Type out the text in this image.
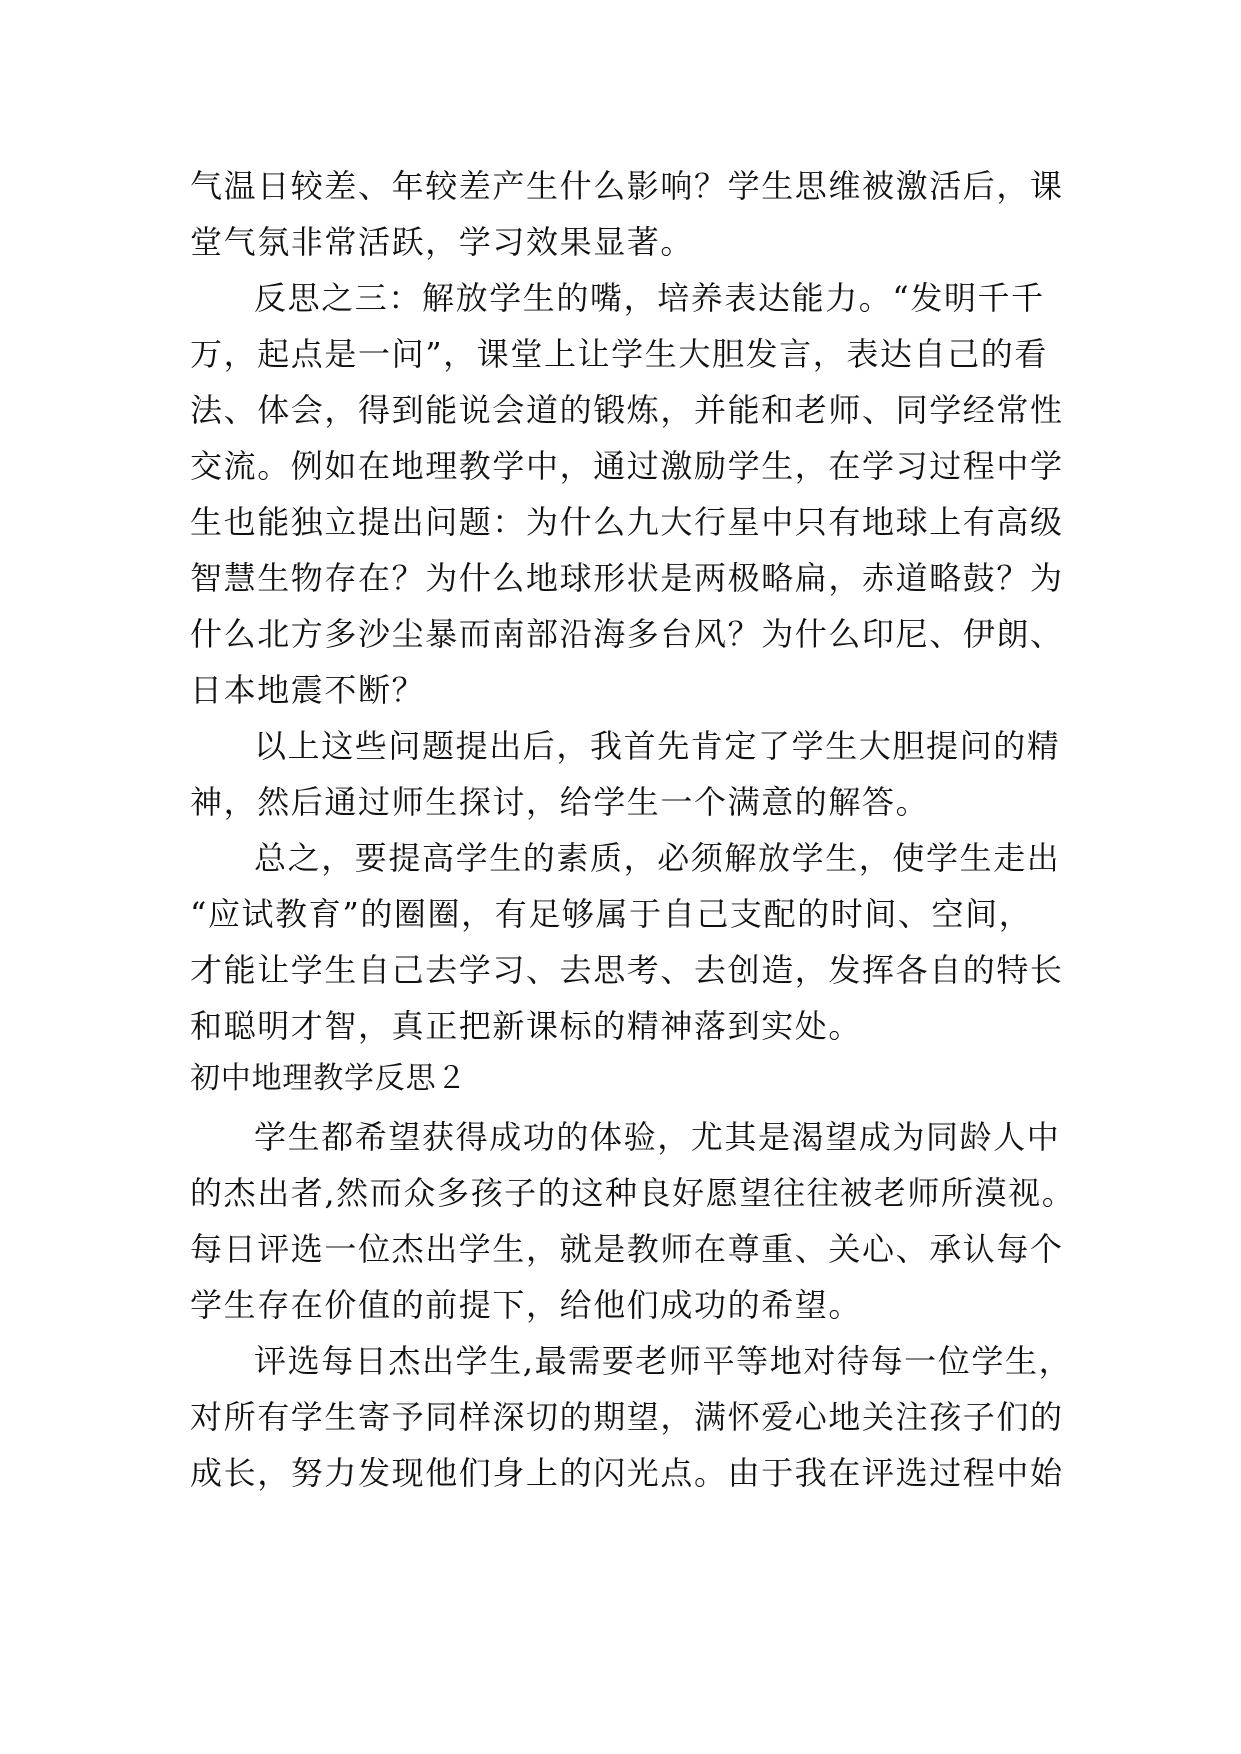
气温日较差、年较差产生什么影响？学生思维被激活后，课
堂气氛非常活跃，学习效果显著。
反思之三：解放学生的嘴，培养表达能力。“发明千千
万，起点是一问”，课堂上让学生大胆发言，表达自己的看
法、体会，得到能说会道的锻炼，并能和老师、同学经常性
交流。例如在地理教学中，通过激励学生，在学习过程中学
生也能独立提出问题：为什么九大行星中只有地球上有高级
智慧生物存在？为什么地球形状是两极略扁，赤道略鼓？为
什么北方多沙尘暴而南部沿海多台风？为什么印尼、伊朗、
日本地震不断？
以上这些问题提出后，我首先肯定了学生大胆提问的精
神，然后通过师生探讨，给学生一个满意的解答。
总之，要提高学生的素质，必须解放学生，使学生走出
“应试教育”的圈圈，有足够属于自己支配的时间、空间，
才能让学生自己去学习、去思考、去创造，发挥各自的特长
和聪明才智，真正把新课标的精神落到实处。
初中地理教学反思２
学生都希望获得成功的体验，尤其是渴望成为同龄人中
的杰出者,然而众多孩子的这种良好愿望往往被老师所漠视。
每日评选一位杰出学生，就是教师在尊重、关心、承认每个
学生存在价值的前提下，给他们成功的希望。
评选每日杰出学生,最需要老师平等地对待每一位学生，
对所有学生寄予同样深切的期望，满怀爱心地关注孩子们的
成长，努力发现他们身上的闪光点。由于我在评选过程中始
